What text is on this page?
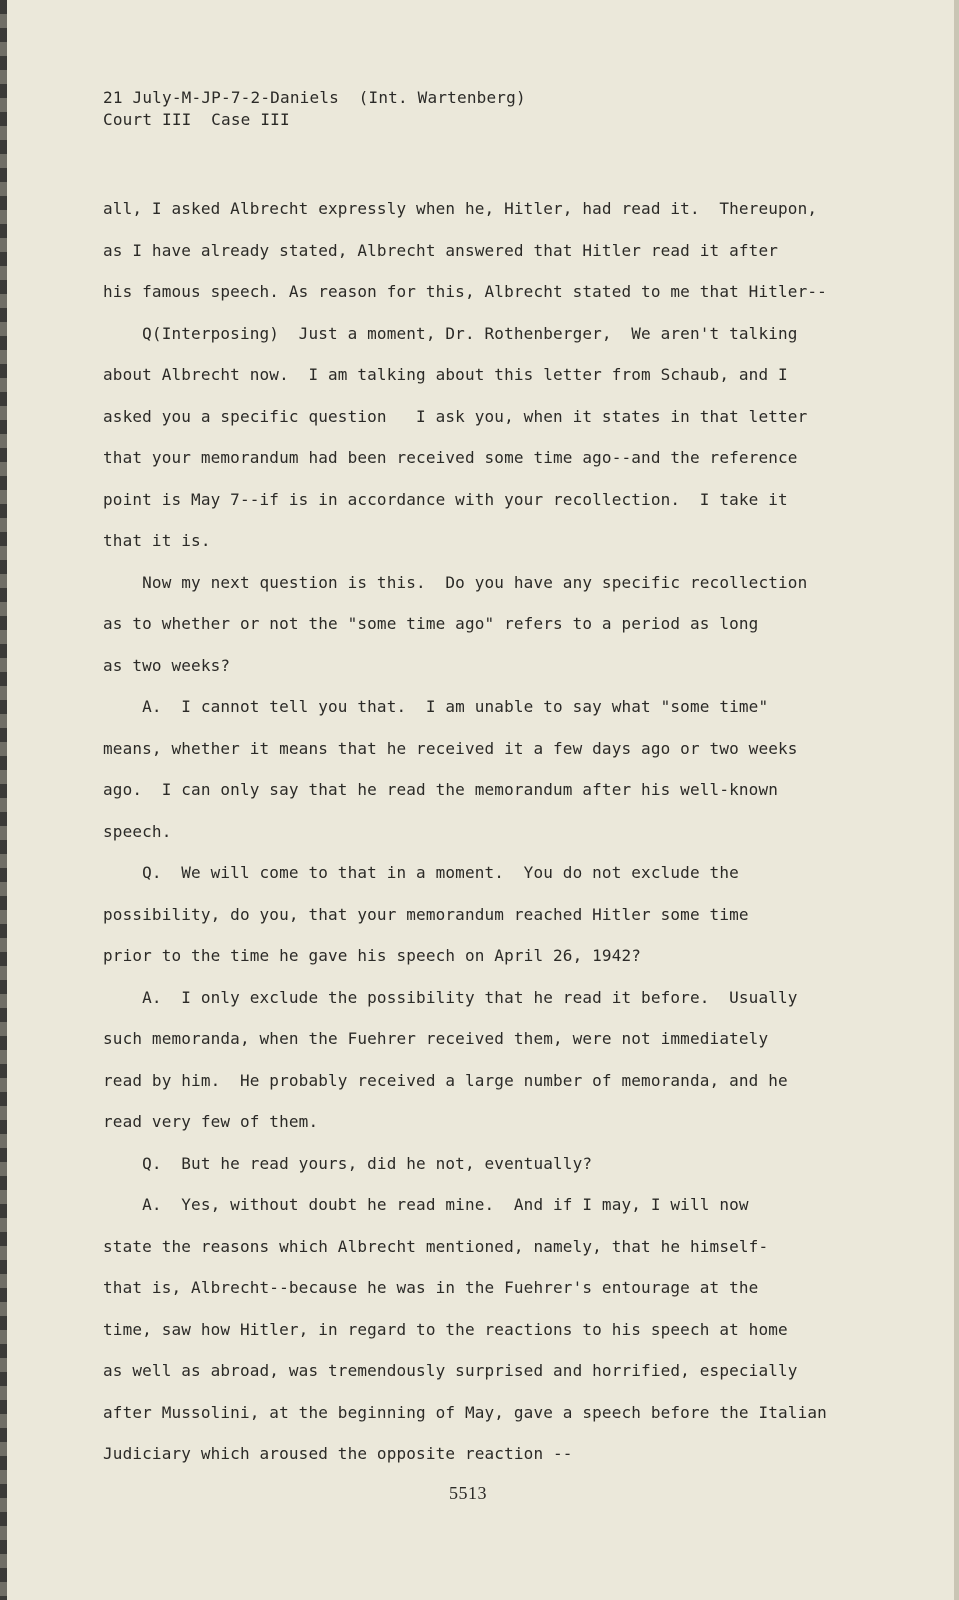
21 July-M-JP-7-2-Daniels  (Int. Wartenberg)
Court III  Case III
all, I asked Albrecht expressly when he, Hitler, had read it.  Thereupon,
as I have already stated, Albrecht answered that Hitler read it after
his famous speech. As reason for this, Albrecht stated to me that Hitler--
Q(Interposing)  Just a moment, Dr. Rothenberger,  We aren't talking
about Albrecht now.  I am talking about this letter from Schaub, and I
asked you a specific question   I ask you, when it states in that letter
that your memorandum had been received some time ago--and the reference
point is May 7--if is in accordance with your recollection.  I take it
that it is.
Now my next question is this.  Do you have any specific recollection
as to whether or not the "some time ago" refers to a period as long
as two weeks?
A.  I cannot tell you that.  I am unable to say what "some time"
means, whether it means that he received it a few days ago or two weeks
ago.  I can only say that he read the memorandum after his well-known
speech.
Q.  We will come to that in a moment.  You do not exclude the
possibility, do you, that your memorandum reached Hitler some time
prior to the time he gave his speech on April 26, 1942?
A.  I only exclude the possibility that he read it before.  Usually
such memoranda, when the Fuehrer received them, were not immediately
read by him.  He probably received a large number of memoranda, and he
read very few of them.
Q.  But he read yours, did he not, eventually?
A.  Yes, without doubt he read mine.  And if I may, I will now
state the reasons which Albrecht mentioned, namely, that he himself-
that is, Albrecht--because he was in the Fuehrer's entourage at the
time, saw how Hitler, in regard to the reactions to his speech at home
as well as abroad, was tremendously surprised and horrified, especially
after Mussolini, at the beginning of May, gave a speech before the Italian
Judiciary which aroused the opposite reaction --
5513
